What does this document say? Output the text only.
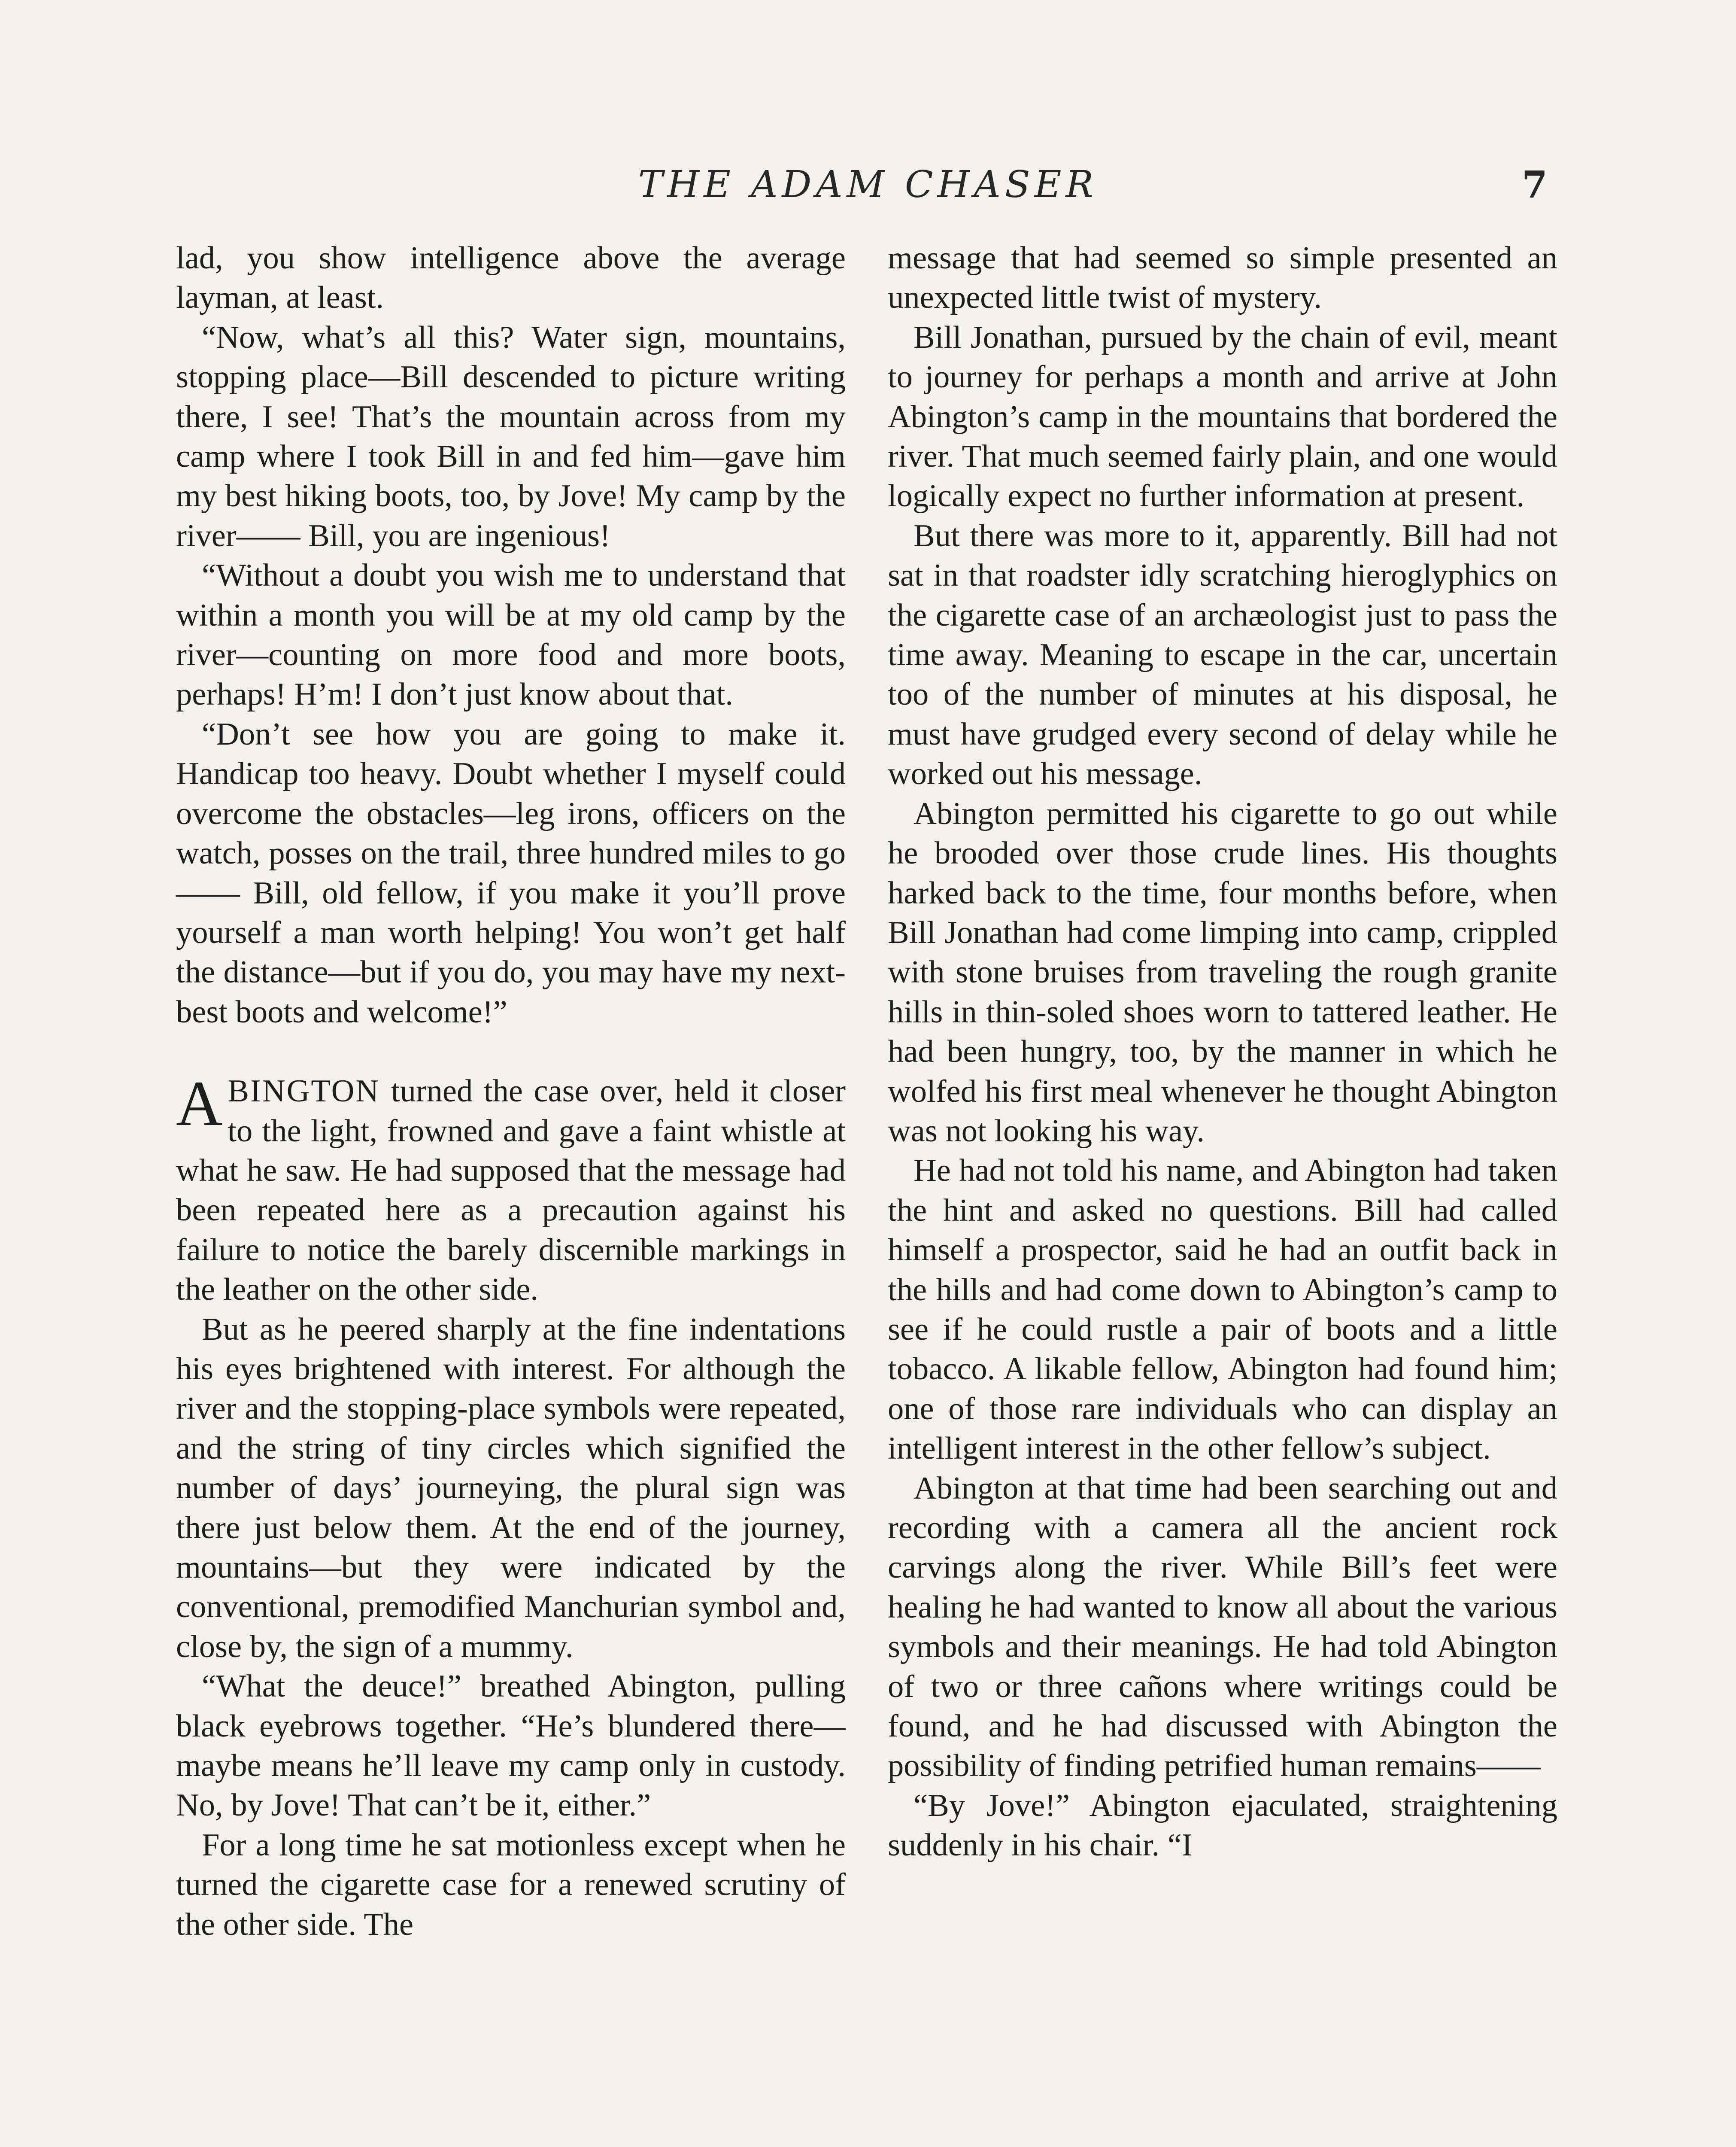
THE ADAM CHASER	7

lad, you show intelligence above the average layman, at least.

“Now, what’s all this? Water sign, mountains, stopping place—Bill descended to picture writing there, I see! That’s the mountain across from my camp where I took Bill in and fed him—gave him my best hiking boots, too, by Jove! My camp by the river—— Bill, you are ingenious!

“Without a doubt you wish me to understand that within a month you will be at my old camp by the river—counting on more food and more boots, perhaps! H’m! I don’t just know about that.

“Don’t see how you are going to make it. Handicap too heavy. Doubt whether I myself could overcome the obstacles—leg irons, officers on the watch, posses on the trail, three hundred miles to go—— Bill, old fellow, if you make it you’ll prove yourself a man worth helping! You won’t get half the distance—but if you do, you may have my next-best boots and welcome!”

ABINGTON turned the case over, held it closer to the light, frowned and gave a faint whistle at what he saw. He had supposed that the message had been repeated here as a precaution against his failure to notice the barely discernible markings in the leather on the other side.

But as he peered sharply at the fine indentations his eyes brightened with interest. For although the river and the stopping-place symbols were repeated, and the string of tiny circles which signified the number of days’ journeying, the plural sign was there just below them. At the end of the journey, mountains—but they were indicated by the conventional, premodified Manchurian symbol and, close by, the sign of a mummy.

“What the deuce!” breathed Abington, pulling black eyebrows together. “He’s blundered there—maybe means he’ll leave my camp only in custody. No, by Jove! That can’t be it, either.”

For a long time he sat motionless except when he turned the cigarette case for a renewed scrutiny of the other side. The

message that had seemed so simple presented an unexpected little twist of mystery.

Bill Jonathan, pursued by the chain of evil, meant to journey for perhaps a month and arrive at John Abington’s camp in the mountains that bordered the river. That much seemed fairly plain, and one would logically expect no further information at present.

But there was more to it, apparently. Bill had not sat in that roadster idly scratching hieroglyphics on the cigarette case of an archæologist just to pass the time away. Meaning to escape in the car, uncertain too of the number of minutes at his disposal, he must have grudged every second of delay while he worked out his message.

Abington permitted his cigarette to go out while he brooded over those crude lines. His thoughts harked back to the time, four months before, when Bill Jonathan had come limping into camp, crippled with stone bruises from traveling the rough granite hills in thin-soled shoes worn to tattered leather. He had been hungry, too, by the manner in which he wolfed his first meal whenever he thought Abington was not looking his way.

He had not told his name, and Abington had taken the hint and asked no questions. Bill had called himself a prospector, said he had an outfit back in the hills and had come down to Abington’s camp to see if he could rustle a pair of boots and a little tobacco. A likable fellow, Abington had found him; one of those rare individuals who can display an intelligent interest in the other fellow’s subject.

Abington at that time had been searching out and recording with a camera all the ancient rock carvings along the river. While Bill’s feet were healing he had wanted to know all about the various symbols and their meanings. He had told Abington of two or three cañons where writings could be found, and he had discussed with Abington the possibility of finding petrified human remains——

“By Jove!” Abington ejaculated, straightening suddenly in his chair. “I
